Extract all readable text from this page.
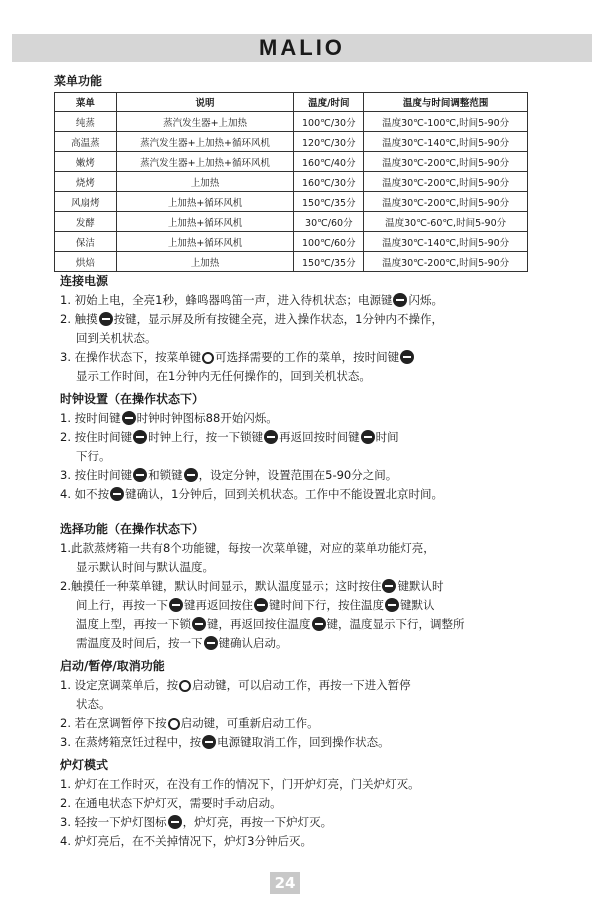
MALIO
菜单功能
菜单	说明	温度/时间	温度与时间调整范围
纯蒸	蒸汽发生器+上加热	100℃/30分	温度30℃-100℃,时间5-90分
高温蒸	蒸汽发生器+上加热+循环风机	120℃/30分	温度30℃-140℃,时间5-90分
嫩烤	蒸汽发生器+上加热+循环风机	160℃/40分	温度30℃-200℃,时间5-90分
烧烤	上加热	160℃/30分	温度30℃-200℃,时间5-90分
风扇烤	上加热+循环风机	150℃/35分	温度30℃-200℃,时间5-90分
发酵	上加热+循环风机	30℃/60分	温度30℃-60℃,时间5-90分
保洁	上加热+循环风机	100℃/60分	温度30℃-140℃,时间5-90分
烘焙	上加热	150℃/35分	温度30℃-200℃,时间5-90分
连接电源
1. 初始上电，全亮1秒，蜂鸣器鸣笛一声，进入待机状态；电源键 闪烁。
2. 触摸 按键，显示屏及所有按键全亮，进入操作状态，1分钟内不操作，
回到关机状态。
3. 在操作状态下，按菜单键 可选择需要的工作的菜单，按时间键
显示工作时间，在1分钟内无任何操作的，回到关机状态。
时钟设置（在操作状态下）
1. 按时间键 时钟时钟图标88开始闪烁。
2. 按住时间键 时钟上行，按一下锁键 再返回按时间键 时间
下行。
3. 按住时间键 和锁键 ，设定分钟，设置范围在5-90分之间。
4. 如不按 键确认，1分钟后，回到关机状态。工作中不能设置北京时间。
选择功能（在操作状态下）
1.此款蒸烤箱一共有8个功能键，每按一次菜单键，对应的菜单功能灯亮，
显示默认时间与默认温度。
2.触摸任一种菜单键，默认时间显示，默认温度显示；这时按住 键默认时
间上行，再按一下 键再返回按住 键时间下行，按住温度 键默认
温度上型，再按一下锁 键，再返回按住温度 键，温度显示下行，调整所
需温度及时间后，按一下 键确认启动。
启动/暂停/取消功能
1. 设定烹调菜单后，按 启动键，可以启动工作，再按一下进入暂停
状态。
2. 若在烹调暂停下按 启动键，可重新启动工作。
3. 在蒸烤箱烹饪过程中，按 电源键取消工作，回到操作状态。
炉灯模式
1. 炉灯在工作时灭，在没有工作的情况下，门开炉灯亮，门关炉灯灭。
2. 在通电状态下炉灯灭，需要时手动启动。
3. 轻按一下炉灯图标 ，炉灯亮，再按一下炉灯灭。
4. 炉灯亮后，在不关掉情况下，炉灯3分钟后灭。
24
